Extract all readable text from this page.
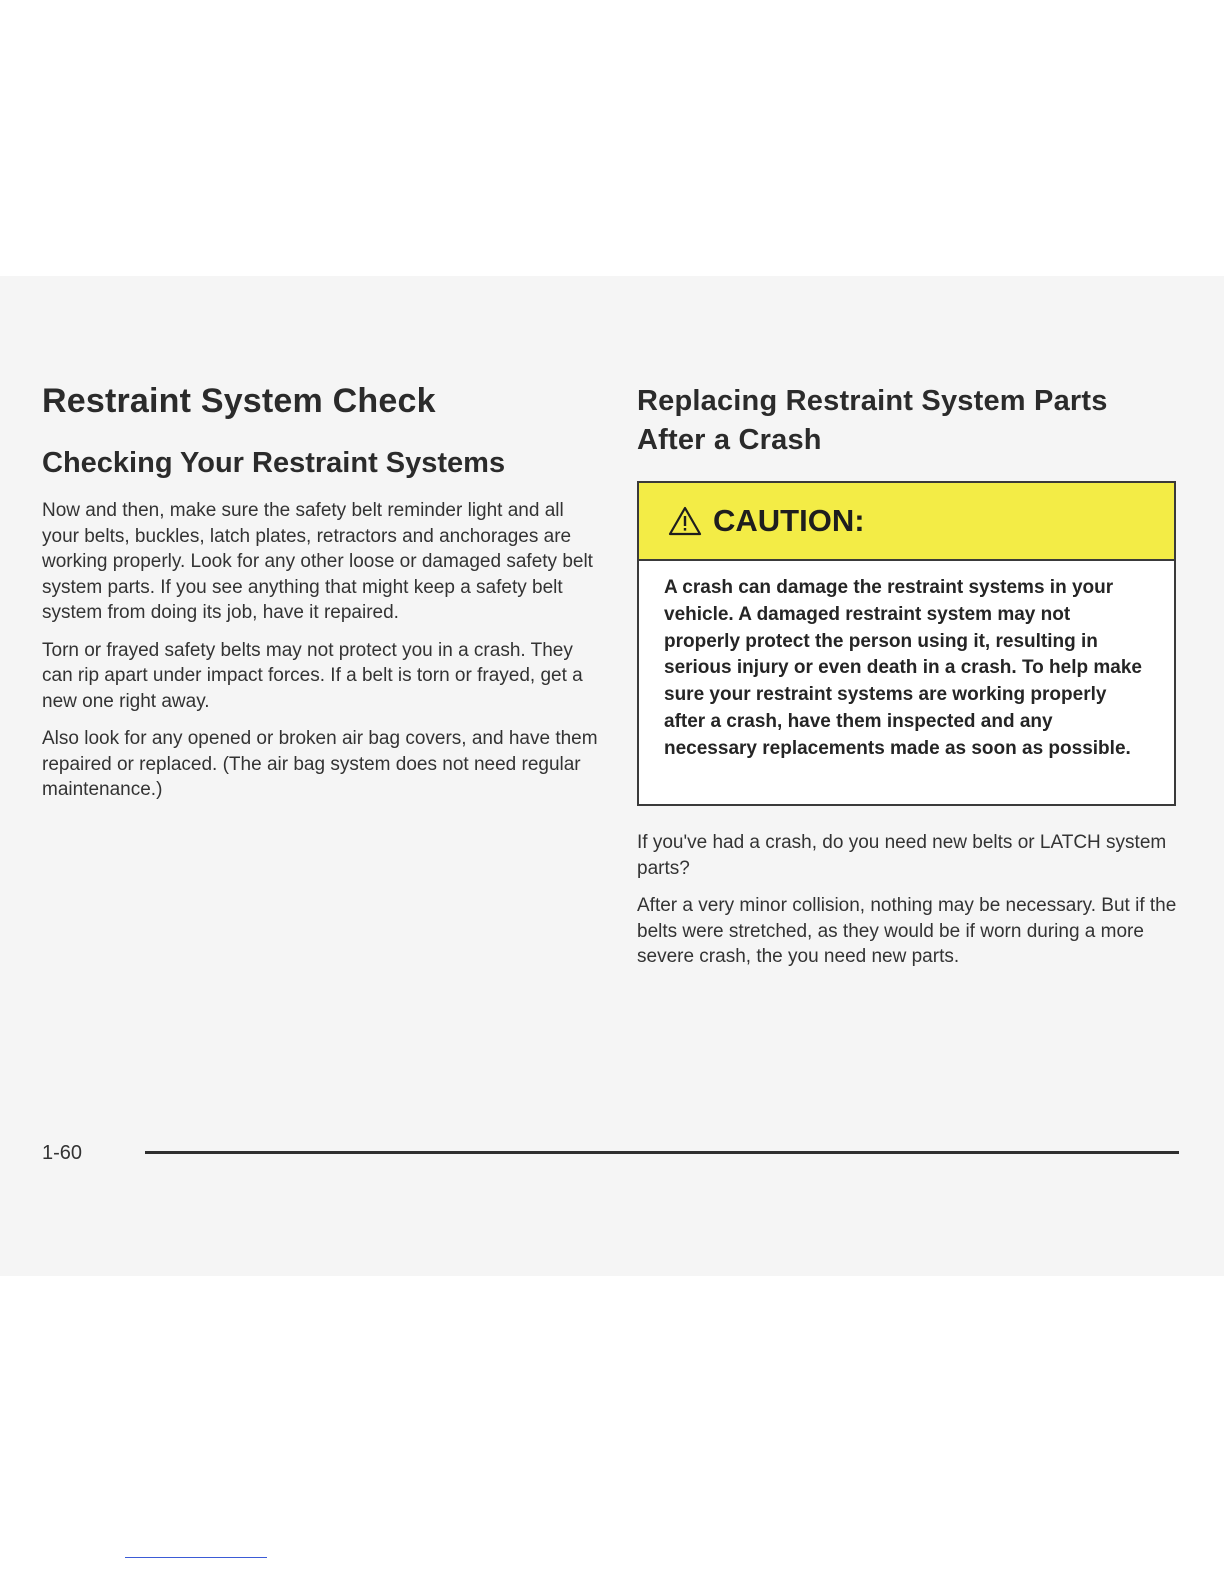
Restraint System Check
Checking Your Restraint Systems

Now and then, make sure the safety belt reminder light and all your belts, buckles, latch plates, retractors and anchorages are working properly. Look for any other loose or damaged safety belt system parts. If you see anything that might keep a safety belt system from doing its job, have it repaired.

Torn or frayed safety belts may not protect you in a crash. They can rip apart under impact forces. If a belt is torn or frayed, get a new one right away.

Also look for any opened or broken air bag covers, and have them repaired or replaced. (The air bag system does not need regular maintenance.)

Replacing Restraint System Parts
After a Crash
CAUTION:
A crash can damage the restraint systems in your vehicle. A damaged restraint system may not properly protect the person using it, resulting in serious injury or even death in a crash. To help make sure your restraint systems are working properly after a crash, have them inspected and any necessary replacements made as soon as possible.

If you've had a crash, do you need new belts or LATCH system parts?

After a very minor collision, nothing may be necessary. But if the belts were stretched, as they would be if worn during a more severe crash, the you need new parts.

1-60
